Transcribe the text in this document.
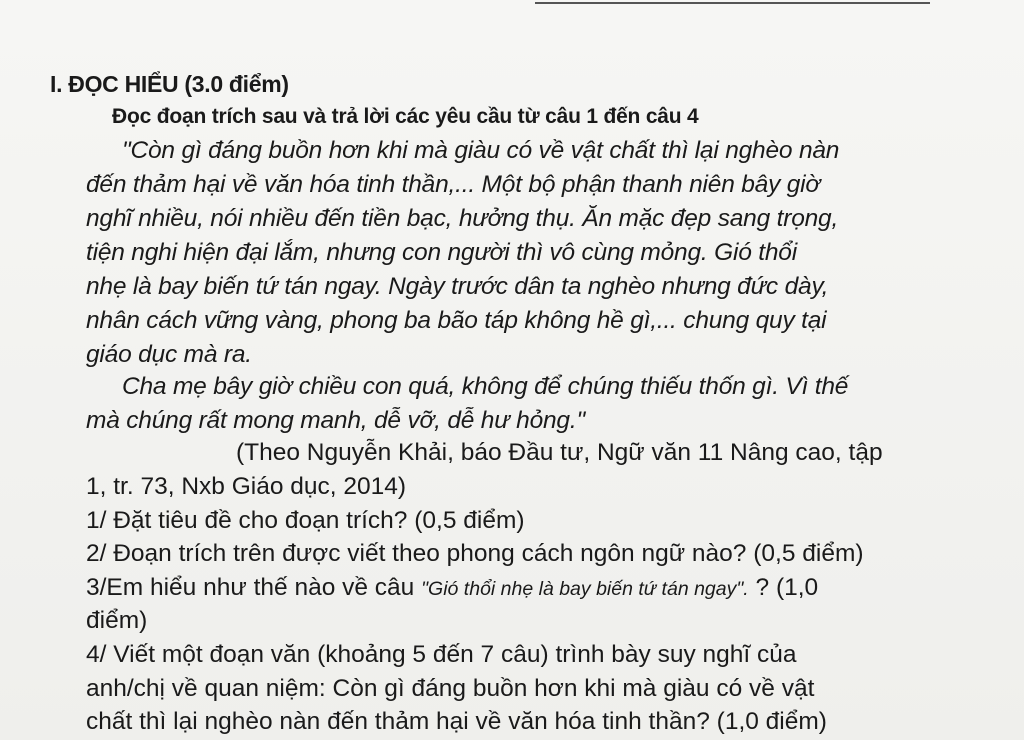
I. ĐỌC HIỂU (3.0 điểm)
Đọc đoạn trích sau và trả lời các yêu cầu từ câu 1 đến câu 4
"Còn gì đáng buồn hơn khi mà giàu có về vật chất thì lại nghèo nàn
đến thảm hại về văn hóa tinh thần,... Một bộ phận thanh niên bây giờ
nghĩ nhiều, nói nhiều đến tiền bạc, hưởng thụ. Ăn mặc đẹp sang trọng,
tiện nghi hiện đại lắm, nhưng con người thì vô cùng mỏng. Gió thổi
nhẹ là bay biến tứ tán ngay. Ngày trước dân ta nghèo nhưng đức dày,
nhân cách vững vàng, phong ba bão táp không hề gì,... chung quy tại
giáo dục mà ra.
Cha mẹ bây giờ chiều con quá, không để chúng thiếu thốn gì. Vì thế
mà chúng rất mong manh, dễ vỡ, dễ hư hỏng."
(Theo Nguyễn Khải, báo Đầu tư, Ngữ văn 11 Nâng cao, tập
1, tr. 73, Nxb Giáo dục, 2014)
1/ Đặt tiêu đề cho đoạn trích? (0,5 điểm)
2/ Đoạn trích trên được viết theo phong cách ngôn ngữ nào? (0,5 điểm)
3/Em hiểu như thế nào về câu "Gió thổi nhẹ là bay biến tứ tán ngay". ? (1,0
điểm)
4/ Viết một đoạn văn (khoảng 5 đến 7 câu) trình bày suy nghĩ của
anh/chị về quan niệm: Còn gì đáng buồn hơn khi mà giàu có về vật
chất thì lại nghèo nàn đến thảm hại về văn hóa tinh thần? (1,0 điểm)
